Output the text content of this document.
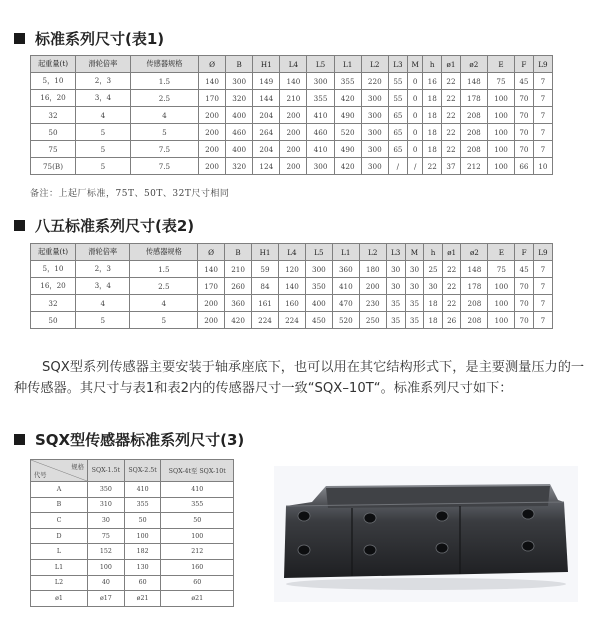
标准系列尺寸(表1)
起重量(t)	滑轮倍率	传感器规格	Ø	B	H1	L4	L5	L1	L2	L3	M	h	ø1	ø2	E	F	L9
5，10	2，3	1.5	140	300	149	140	300	355	220	55	0	16	22	148	75	45	7
16，20	3，4	2.5	170	320	144	210	355	420	300	55	0	18	22	178	100	70	7
32	4	4	200	400	204	200	410	490	300	65	0	18	22	208	100	70	7
50	5	5	200	460	264	200	460	520	300	65	0	18	22	208	100	70	7
75	5	7.5	200	400	204	200	410	490	300	65	0	18	22	208	100	70	7
75(B)	5	7.5	200	320	124	200	300	420	300	/	/	22	37	212	100	66	10
备注：上起厂标准，75T、50T、32T尺寸相同
八五标准系列尺寸(表2)
起重量(t)	滑轮倍率	传感器规格	Ø	B	H1	L4	L5	L1	L2	L3	M	h	ø1	ø2	E	F	L9
5，10	2，3	1.5	140	210	59	120	300	360	180	30	30	25	22	148	75	45	7
16，20	3，4	2.5	170	260	84	140	350	410	200	30	30	30	22	178	100	70	7
32	4	4	200	360	161	160	400	470	230	35	35	18	22	208	100	70	7
50	5	5	200	420	224	224	450	520	250	35	35	18	26	208	100	70	7
SQX型系列传感器主要安装于轴承座底下，也可以用在其它结构形式下，是主要测量压力的一种传感器。其尺寸与表1和表2内的传感器尺寸一致“SQX–10T“。标准系列尺寸如下：
SQX型传感器标准系列尺寸(3)
规格
代号	SQX-1.5t	SQX-2.5t	SQX-4t至 SQX-10t
A	350	410	410
B	310	355	355
C	30	50	50
D	75	100	100
L	152	182	212
L1	100	130	160
L2	40	60	60
ø1	ø17	ø21	ø21
